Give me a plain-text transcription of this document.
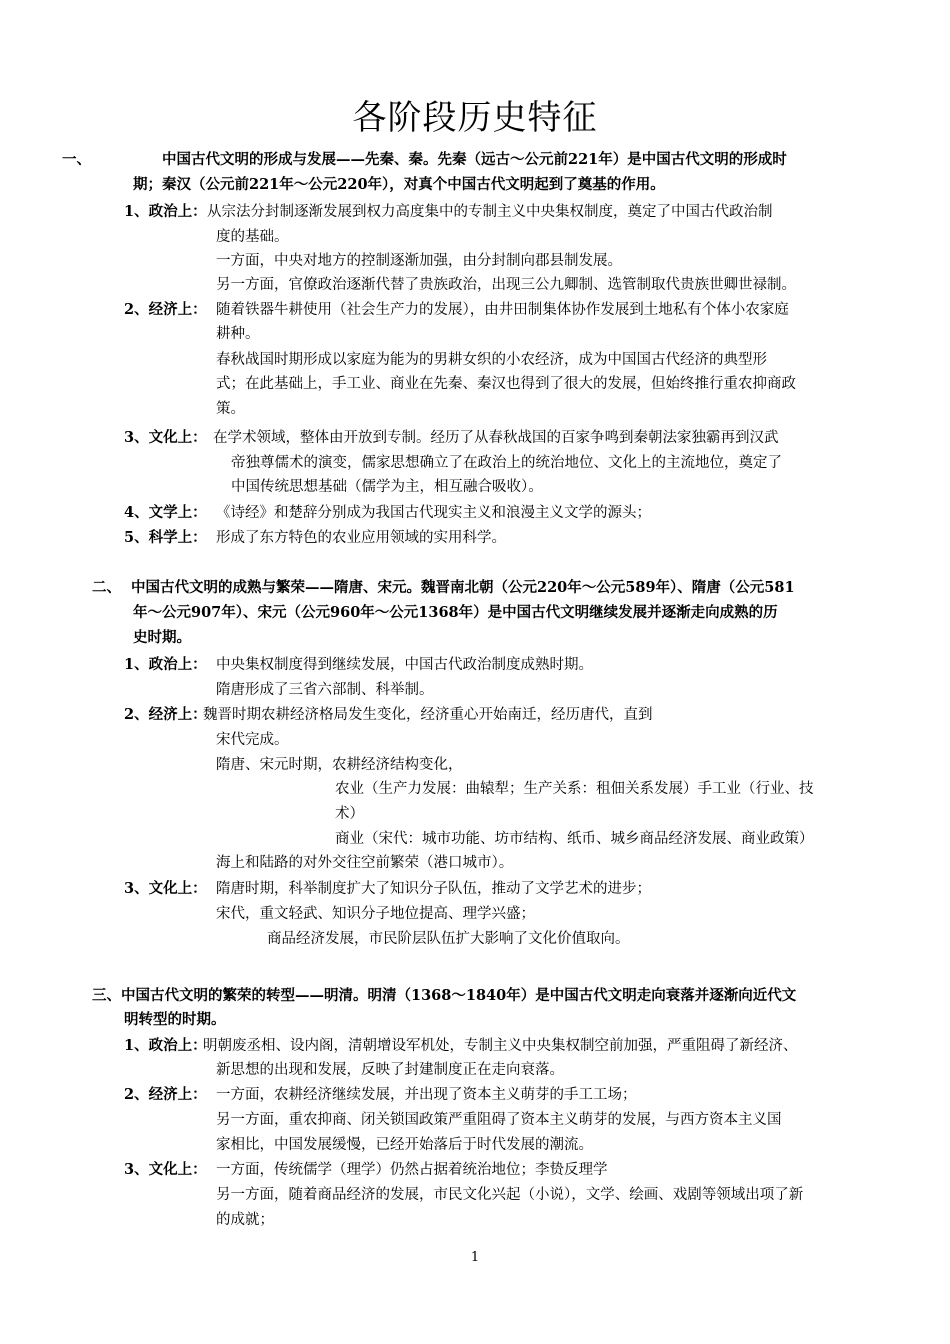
各阶段历史特征
一、	中国古代文明的形成与发展——先秦、秦。先秦（远古～公元前221年）是中国古代文明的形成时
期；秦汉（公元前221年～公元220年），对真个中国古代文明起到了奠基的作用。
1、政治上： 从宗法分封制逐渐发展到权力高度集中的专制主义中央集权制度，奠定了中国古代政治制
度的基础。
一方面，中央对地方的控制逐渐加强，由分封制向郡县制发展。
另一方面，官僚政治逐渐代替了贵族政治，出现三公九卿制、选管制取代贵族世卿世禄制。
2、经济上： 随着铁器牛耕使用（社会生产力的发展），由井田制集体协作发展到土地私有个体小农家庭
耕种。
春秋战国时期形成以家庭为能为的男耕女织的小农经济，成为中国国古代经济的典型形
式；在此基础上，手工业、商业在先秦、秦汉也得到了很大的发展，但始终推行重农抑商政
策。
3、文化上： 在学术领域，整体由开放到专制。经历了从春秋战国的百家争鸣到秦朝法家独霸再到汉武
帝独尊儒术的演变，儒家思想确立了在政治上的统治地位、文化上的主流地位，奠定了
中国传统思想基础（儒学为主，相互融合吸收）。
4、文学上： 《诗经》和楚辞分别成为我国古代现实主义和浪漫主义文学的源头；
5、科学上： 形成了东方特色的农业应用领域的实用科学。
二、 中国古代文明的成熟与繁荣——隋唐、宋元。魏晋南北朝（公元220年～公元589年）、隋唐（公元581
年～公元907年）、宋元（公元960年～公元1368年）是中国古代文明继续发展并逐渐走向成熟的历
史时期。
1、政治上： 中央集权制度得到继续发展，中国古代政治制度成熟时期。
隋唐形成了三省六部制、科举制。
2、经济上：
魏晋时期农耕经济格局发生变化，经济重心开始南迁，经历唐代，直到
宋代完成。
隋唐、宋元时期，农耕经济结构变化，
农业（生产力发展：曲辕犁；生产关系：租佃关系发展）手工业（行业、技
术）
商业（宋代：城市功能、坊市结构、纸币、城乡商品经济发展、商业政策）
海上和陆路的对外交往空前繁荣（港口城市）。
3、文化上： 隋唐时期，科举制度扩大了知识分子队伍，推动了文学艺术的进步；
宋代，重文轻武、知识分子地位提高、理学兴盛；
商品经济发展，市民阶层队伍扩大影响了文化价值取向。
三、中国古代文明的繁荣的转型——明清。明清（1368～1840年）是中国古代文明走向衰落并逐渐向近代文
明转型的时期。
1、政治上：
明朝废丞相、设内阁，清朝增设军机处，专制主义中央集权制空前加强，严重阻碍了新经济、
新思想的出现和发展，反映了封建制度正在走向衰落。
2、经济上： 一方面，农耕经济继续发展，并出现了资本主义萌芽的手工工场；
另一方面，重农抑商、闭关锁国政策严重阻碍了资本主义萌芽的发展，与西方资本主义国
家相比，中国发展缓慢，已经开始落后于时代发展的潮流。
3、文化上： 一方面，传统儒学（理学）仍然占据着统治地位；李贽反理学
另一方面，随着商品经济的发展，市民文化兴起（小说），文学、绘画、戏剧等领域出项了新
的成就；
1
